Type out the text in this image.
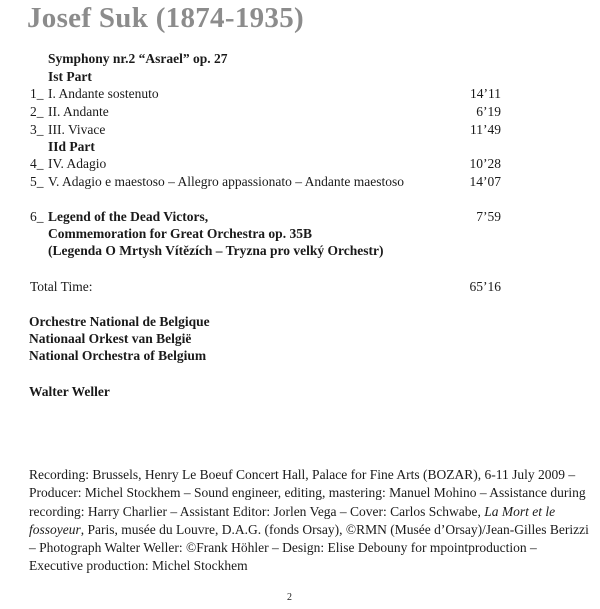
Josef Suk (1874-1935)
Symphony nr.2 “Asrael” op. 27
Ist Part
1_ I. Andante sostenuto	14’11
2_ II. Andante	6’19
3_ III. Vivace	11’49
IId Part
4_ IV. Adagio	10’28
5_ V. Adagio e maestoso – Allegro appassionato – Andante maestoso	14’07
6_ Legend of the Dead Victors,	7’59
Commemoration for Great Orchestra op. 35B
(Legenda O Mrtysh Vítězích – Tryzna pro velký Orchestr)
Total Time:	65’16
Orchestre National de Belgique
Nationaal Orkest van België
National Orchestra of Belgium
Walter Weller
Recording: Brussels, Henry Le Boeuf Concert Hall, Palace for Fine Arts (BOZAR), 6-11 July 2009 – Producer: Michel Stockhem – Sound engineer, editing, mastering: Manuel Mohino – Assistance during recording: Harry Charlier – Assistant Editor: Jorlen Vega – Cover: Carlos Schwabe, La Mort et le fossoyeur, Paris, musée du Louvre, D.A.G. (fonds Orsay), ©RMN (Musée d’Orsay)/Jean-Gilles Berizzi – Photograph Walter Weller: ©Frank Höhler – Design: Elise Debouny for mpointproduction – Executive production: Michel Stockhem
2
